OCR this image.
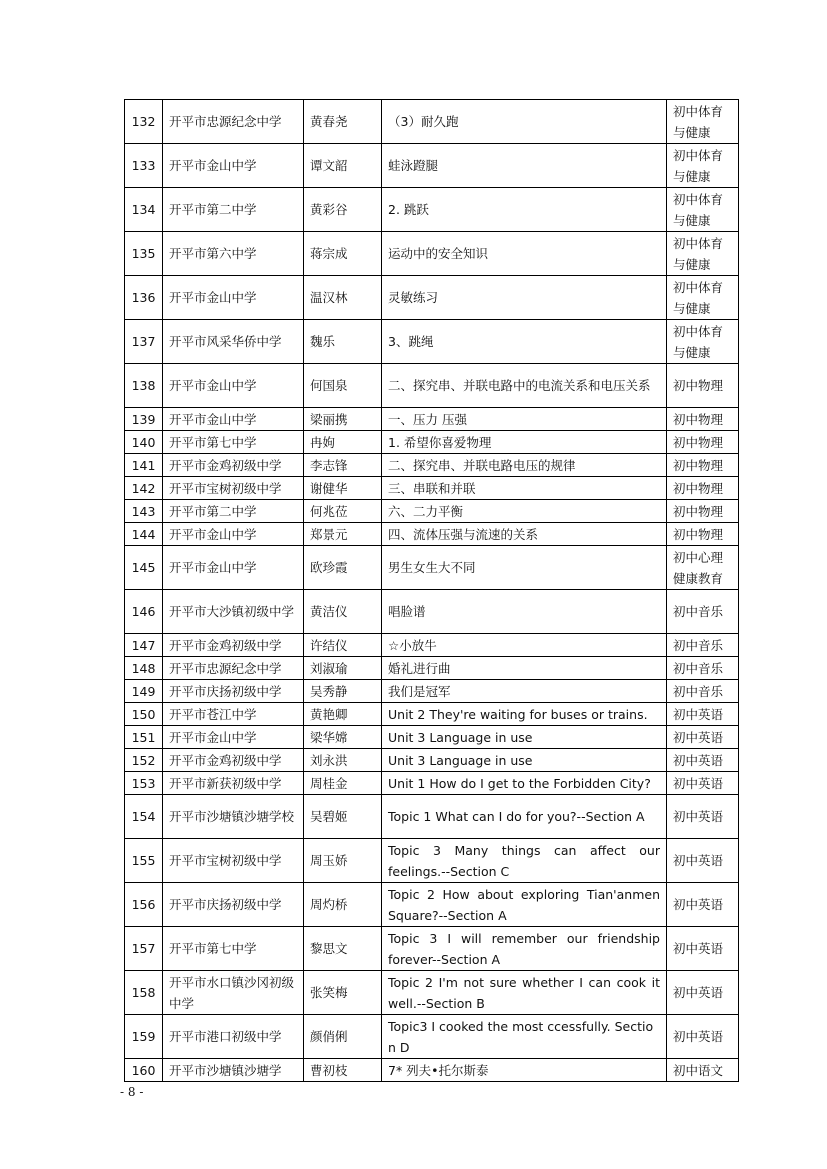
132	开平市忠源纪念中学	黄春尧	（3）耐久跑	初中体育与健康
133	开平市金山中学	谭文韶	蛙泳蹬腿	初中体育与健康
134	开平市第二中学	黄彩谷	2. 跳跃	初中体育与健康
135	开平市第六中学	蒋宗成	运动中的安全知识	初中体育与健康
136	开平市金山中学	温汉林	灵敏练习	初中体育与健康
137	开平市风采华侨中学	魏乐	3、跳绳	初中体育与健康
138	开平市金山中学	何国泉	二、探究串、并联电路中的电流关系和电压关系	初中物理
139	开平市金山中学	梁丽携	一、压力 压强	初中物理
140	开平市第七中学	冉姁	1. 希望你喜爱物理	初中物理
141	开平市金鸡初级中学	李志锋	二、探究串、并联电路电压的规律	初中物理
142	开平市宝树初级中学	谢健华	三、串联和并联	初中物理
143	开平市第二中学	何兆莅	六、二力平衡	初中物理
144	开平市金山中学	郑景元	四、流体压强与流速的关系	初中物理
145	开平市金山中学	欧珍霞	男生女生大不同	初中心理健康教育
146	开平市大沙镇初级中学	黄洁仪	唱脸谱	初中音乐
147	开平市金鸡初级中学	许结仪	☆小放牛	初中音乐
148	开平市忠源纪念中学	刘淑瑜	婚礼进行曲	初中音乐
149	开平市庆扬初级中学	吴秀静	我们是冠军	初中音乐
150	开平市苍江中学	黄艳卿	Unit 2 They're waiting for buses or trains.	初中英语
151	开平市金山中学	梁华嫦	Unit 3 Language in use	初中英语
152	开平市金鸡初级中学	刘永洪	Unit 3 Language in use	初中英语
153	开平市新获初级中学	周桂金	Unit 1 How do I get to the Forbidden City?	初中英语
154	开平市沙塘镇沙塘学校	吴碧姬	Topic 1 What can I do for you?--Section A	初中英语
155	开平市宝树初级中学	周玉娇	Topic 3 Many things can affect our feelings.--Section C	初中英语
156	开平市庆扬初级中学	周灼桥	Topic 2 How about exploring Tian'anmen Square?--Section A	初中英语
157	开平市第七中学	黎思文	Topic 3 I will remember our friendship forever--Section A	初中英语
158	开平市水口镇沙冈初级中学	张笑梅	Topic 2 I'm not sure whether I can cook it well.--Section B	初中英语
159	开平市港口初级中学	颜俏俐	Topic3 I cooked the most ccessfully. Section D	初中英语
160	开平市沙塘镇沙塘学	曹初枝	7* 列夫•托尔斯泰	初中语文
- 8 -
